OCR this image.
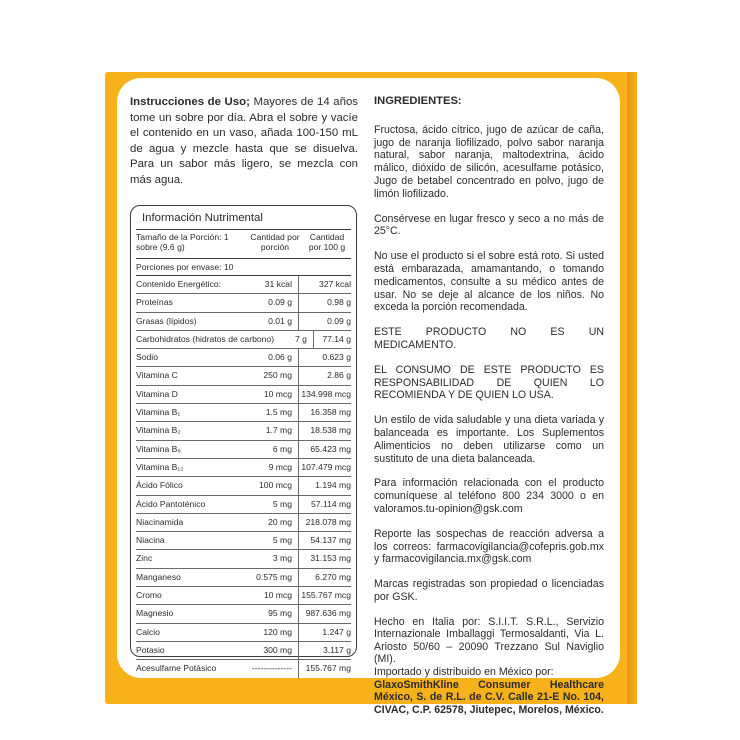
Instrucciones de Uso; Mayores de 14 años tome un sobre por día. Abra el sobre y vacíe el contenido en un vaso, añada 100-150 mL de agua y mezcle hasta que se disuelva. Para un sabor más ligero, se mezcla con más agua.
Información Nutrimental
Tamaño de la Porción: 1 sobre (9.6 g)
Cantidad por porción
Cantidad por 100 g
Porciones por envase: 10
Contenido Energético:	31 kcal	327 kcal
Proteínas	0.09 g	0.98 g
Grasas (lípidos)	0.01 g	0.09 g
Carbohidratos (hidratos de carbono)	7 g	77.14 g
Sodio	0.06 g	0.623 g
Vitamina C	250 mg	2.86 g
Vitamina D	10 mcg	134.998 mcg
Vitamina B₁	1.5 mg	16.358 mg
Vitamina B₂	1.7 mg	18.538 mg
Vitamina B₆	6 mg	65.423 mg
Vitamina B₁₂	9 mcg	107.479 mcg
Ácido Fólico	100 mcg	1.194 mg
Ácido Pantoténico	5 mg	57.114 mg
Niacinamida	20 mg	218.078 mg
Niacina	5 mg	54.137 mg
Zinc	3 mg	31.153 mg
Manganeso	0.575 mg	6.270 mg
Cromo	10 mcg	155.767 mcg
Magnesio	95 mg	987.636 mg
Calcio	120 mg	1.247 g
Potasio	300 mg	3.117 g
Acesulfame Potásico	--------------	155.767 mg

INGREDIENTES:

Fructosa, ácido cítrico, jugo de azúcar de caña, jugo de naranja liofilizado, polvo sabor naranja natural, sabor naranja, maltodextrina, ácido málico, dióxido de silicón, acesulfame potásico, Jugo de betabel concentrado en polvo, jugo de limón liofilizado.

Consérvese en lugar fresco y seco a no más de 25°C.

No use el producto si el sobre está roto. Si usted está embarazada, amamantando, o tomando medicamentos, consulte a su médico antes de usar. No se deje al alcance de los niños. No exceda la porción recomendada.

ESTE PRODUCTO NO ES UN MEDICAMENTO.

EL CONSUMO DE ESTE PRODUCTO ES RESPONSABILIDAD DE QUIEN LO RECOMIENDA Y DE QUIEN LO USA.

Un estilo de vida saludable y una dieta variada y balanceada es importante. Los Suplementos Alimenticios no deben utilizarse como un sustituto de una dieta balanceada.

Para información relacionada con el producto comuníquese al teléfono 800 234 3000 o en valoramos.tu-opinion@gsk.com

Reporte las sospechas de reacción adversa a los correos: farmacovigilancia@cofepris.gob.mx y farmacovigilancia.mx@gsk.com

Marcas registradas son propiedad o licenciadas por GSK.

Hecho en Italia por: S.I.I.T. S.R.L., Servizio Internazionale Imballaggi Termosaldanti, Via L. Ariosto 50/60 – 20090 Trezzano Sul Naviglio (MI).
Importado y distribuido en México por:
GlaxoSmithKline Consumer Healthcare México, S. de R.L. de C.V. Calle 21-E No. 104, CIVAC, C.P. 62578, Jiutepec, Morelos, México.
